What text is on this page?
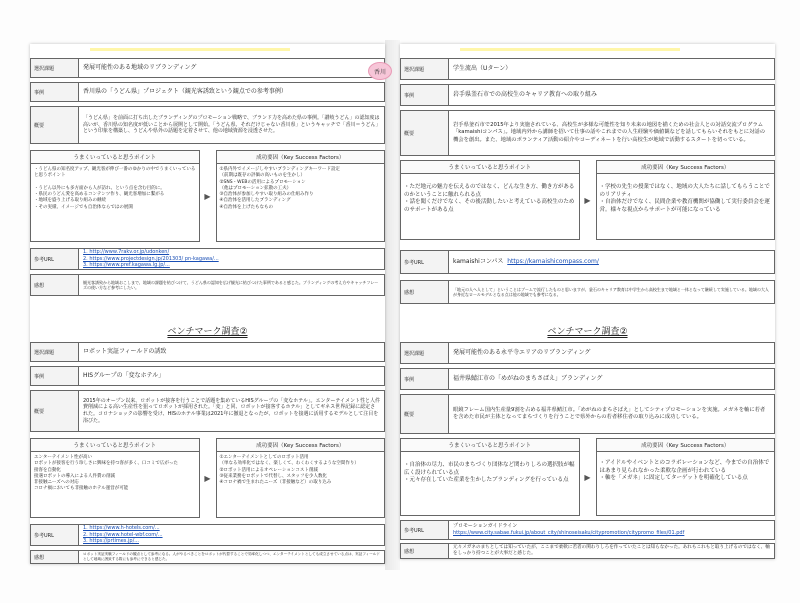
選択課題	発展可能性のある地域のリブランディング
事例	香川県の「うどん県」プロジェクト（観光客誘致という観点での参考事例）
概要
「うどん県」を前面に打ち出したブランディングのプロモーション戦略で、ブランド力を高めた県の事例。「讃岐うどん」の認知度は高いが、香川県の知名度が低いことから展開として開始。「うどん県、それだけじゃない香川県」というキャッチで「香川＝うどん」という印象を構築し、うどんや県外の話題を定着させて、他の地域資源を浸透させた。
うまくいっていると思うポイント
・うどん県の知名度アップ、観光客が伸び一番のゆかりの中でうまくいっていると思うポイント

・うどん以外にも多方面から人が訪れ、という点を含む目的に。
・県民のうどん愛を高めるコンテンツ作り、観光客増加に繋がる
・地域を盛り上げる取り組みの継続
・その実績、イメージでも自治体ならではの展開
▶
成功要因（Key Success Factors）
①県内外でイメージしやすいブランディングキーワード設定
（前期は既存の評価の高いものを生かし）
②SNS・WEBの活用によるプロモーション
（他はプロモーション拡散の工夫）
③自治体が参加しやすい取り組みの仕組み作り
④自治体を活用したブランディング
④自治体を上げたもなもの
参考URL
1. http://www.7rakv.or.jp/udonken/
2. https://www.projectdesign.jp/201303/ pn-kagawa/...
3. https://www.pref.kagawa.lg.jp/...
感想
観光客誘致から地域おこしまで、地域の課題を結びつけて、うどん県の認知を広げ観光に結びつけた事例であると感じた。ブランディングの考え方やキャッチフレーズの使い方など参考にしたい。
ベンチマーク調査②
選択課題	ロボット実証フィールドの誘致
事例	HISグループの「変なホテル」
概要
2015年のオープン以来、ロボットが接客を行うことで話題を集めているHISグループの「変なホテル」。エンターテイメント性と人件費削減による高い生産性を狙ってロボットが採用された。「変」と同、ロボットが接客するホテル」としてギネス世界記録に認定された。コロナショックの影響を受け、HISのホテル事業は2021年に撤退となったが、ロボットを接遇に活用するモデルとして注目を浴びた。
うまくいっていると思うポイント
エンターテイメント性が高い
ロボットが接客を行う珍しさに興味を持つ客が多く、口コミで広がった
接客を自動化
接遇ロボットの導入による人件費の削減
非接触ニーズへの対応
コロナ禍においても非接触のホテル運営が可能
▶
成功要因（Key Success Factors）
①エンターテイメントとしてのロボット活用
（単なる効率化ではなく、楽しくて、わくわくするような空間作り）
②ロボット活用によるオペレーションコスト削減
③従来業務をロボットで代替し、スタッフを少人数化
④コロナ禍で生まれたニーズ（非接触など）の取り込み
参考URL
1. https://www.h-hotels.com/...
2. https://www.hotel-wbf.com/...
3. https://prtimes.jp/...
感想
ロボット実証実験フィールドの観点として参考になる。人がやるべきことをロボットが代替することで効率化しつつ、エンターテイメントとしても成立させている点は、実証フィールドとして地域に誘致する際にも参考にできると感じた。
香川	選択課題	学生流出（Uターン）
事例	岩手県釜石市での高校生のキャリア教育への取り組み
概要
岩手県釜石市で2015年より実施されている、高校生が多様な可能性を知り未来の地図を描くための社会人との対話交流プログラム「kamaishiコンパス」。地域内外から講師を招いて仕事の話やこれまでの人生経験や価値観などを話してもらいそれをもとに対話の機会を創出。また、地域のボランティア活動の紹介やコーディネートを行い高校生が地域で活動するスタートを切っている。
うまくいっていると思うポイント
・ただ地元の魅力を伝えるのではなく、どんな生き方、働き方があるのかということに触れられる点
・話を聞くだけでなく、その後活動したいと考えている高校生のためのサポートがある点
▶
成功要因（Key Success Factors）
・学校の先生の授業ではなく、地域の大人たちに話してもらうことでのリアリティ
・自治体だけでなく、民間企業や教育機関が協働して実行委員会を運営。様々な視点からサポートが可能になっている
参考URL	kamaishiコンパス
https://kamaishicompass.com/
感想
「地元の人へ人として」ということはブームで流行したものと思いますが、釜石のキャリア教育は中学生から高校生まで地域と一体となって継続して実施している。地域の大人が身近なロールモデルとなる点は他の地域でも参考になる。
ベンチマーク調査②
選択課題	発展可能性のある永平寺エリアのリブランディング
事例	福井県鯖江市の「めがねのまちさばえ」ブランディング
概要
眼鏡フレーム国内生産量9割を占める福井県鯖江市。「めがねのまちさばえ」としてシティプロモーションを実施。メガネを軸に若者を含めた市民が主体となってまちづくりを行うことで県外からの若者移住者の取り込みに成功している。
うまくいっていると思うポイント
・自治体の尽力、市民のまちづくり団体など関わりしろの選択肢が幅広く設けられている点
・元々存在していた産業を生かしたブランディングを行っている点	▶
成功要因（Key Success Factors）
・アイドルやイベントとのコラボレーションなど、今までの自治体ではあまり見られなかった柔軟な企画が行われている
・軸を「メガネ」に固定してターゲットを明確化している点
参考URL
プロモーションガイドライン
https://www.city.sabae.fukui.jp/about_city/shinoseisaku/citypromotion/citypromo_files/01.pdf
感想
元々メガネのまちとしては知っていたが、ここまで柔軟に若者の関わりしろを作っていたことは知らなかった。あれもこれもと取り上げるのではなく、軸をしっかり持つことが大事だと感じた。
